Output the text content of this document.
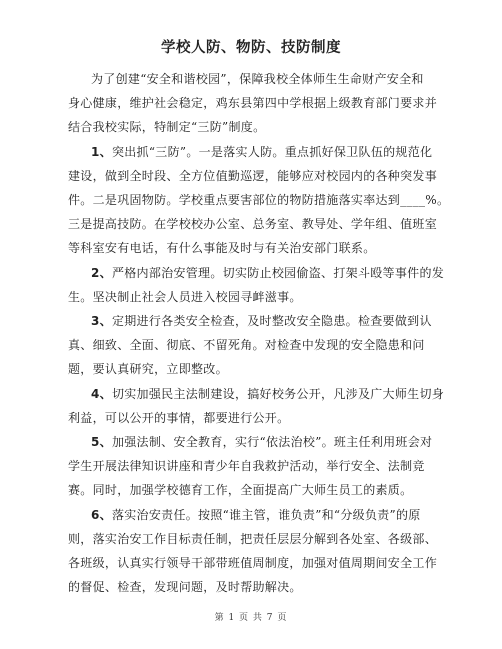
学校人防、物防、技防制度
为了创建“安全和谐校园”，保障我校全体师生生命财产安全和
身心健康，维护社会稳定，鸡东县第四中学根据上级教育部门要求并
结合我校实际，特制定“三防”制度。
1、突出抓“三防”。一是落实人防。重点抓好保卫队伍的规范化
建设，做到全时段、全方位值勤巡逻，能够应对校园内的各种突发事
件。二是巩固物防。学校重点要害部位的物防措施落实率达到____%。
三是提高技防。在学校校办公室、总务室、教导处、学年组、值班室
等科室安有电话，有什么事能及时与有关治安部门联系。
2、严格内部治安管理。切实防止校园偷盗、打架斗殴等事件的发
生。坚决制止社会人员进入校园寻衅滋事。
3、定期进行各类安全检查，及时整改安全隐患。检查要做到认
真、细致、全面、彻底、不留死角。对检查中发现的安全隐患和问
题，要认真研究，立即整改。
4、切实加强民主法制建设，搞好校务公开，凡涉及广大师生切身
利益，可以公开的事情，都要进行公开。
5、加强法制、安全教育，实行“依法治校”。班主任利用班会对
学生开展法律知识讲座和青少年自我救护活动，举行安全、法制竞
赛。同时，加强学校德育工作，全面提高广大师生员工的素质。
6、落实治安责任。按照“谁主管，谁负责”和“分级负责”的原
则，落实治安工作目标责任制，把责任层层分解到各处室、各级部、
各班级，认真实行领导干部带班值周制度，加强对值周期间安全工作
的督促、检查，发现问题，及时帮助解决。
第 1 页 共 7 页
